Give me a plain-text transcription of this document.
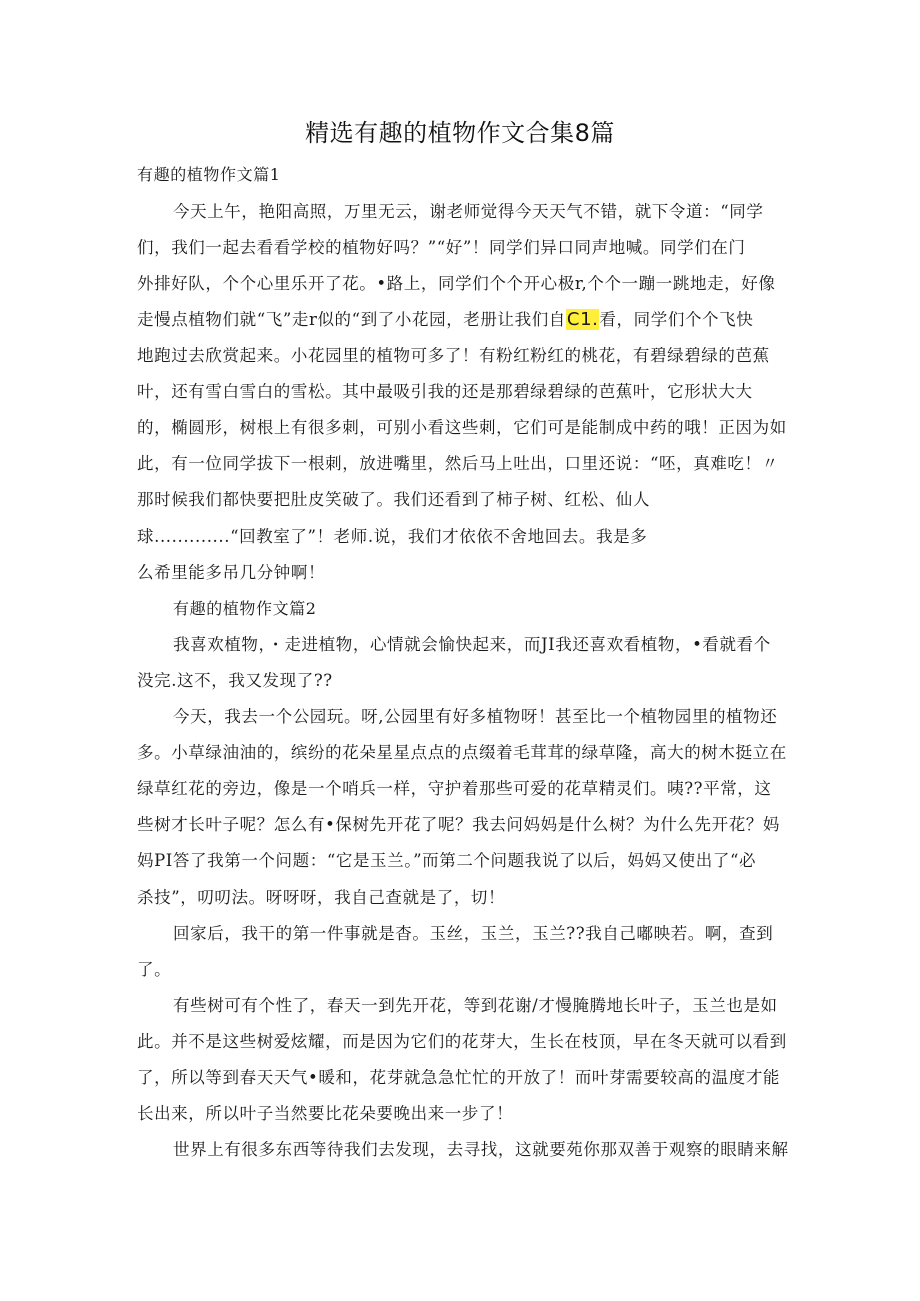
精选有趣的植物作文合集8篇
有趣的植物作文篇1
今天上午，艳阳高照，万里无云，谢老师觉得今天天气不错，就下令道：“同学
们，我们一起去看看学校的植物好吗？”“好”！同学们异口同声地喊。同学们在门
外排好队，个个心里乐开了花。•路上，同学们个个开心极r,个个一蹦一跳地走，好像
走慢点植物们就“飞”走r似的“到了小花园，老册让我们自C1.看，同学们个个飞快
地跑过去欣赏起来。小花园里的植物可多了！有粉红粉红的桃花，有碧绿碧绿的芭蕉
叶，还有雪白雪白的雪松。其中最吸引我的还是那碧绿碧绿的芭蕉叶，它形状大大
的，椭圆形，树根上有很多刺，可别小看这些刺，它们可是能制成中药的哦！正因为如
此，有一位同学拔下一根刺，放进嘴里，然后马上吐出，口里还说：“呸，真难吃！〃
那时候我们都快要把肚皮笑破了。我们还看到了柿子树、红松、仙人
球.............“回教室了”！老师.说，我们才依依不舍地回去。我是多
么希里能多吊几分钟啊！
有趣的植物作文篇2
我喜欢植物，・走进植物，心情就会愉快起来，而JI我还喜欢看植物，•看就看个
没完.这不，我又发现了??
今天，我去一个公园玩。呀,公园里有好多植物呀！甚至比一个植物园里的植物还
多。小草绿油油的，缤纷的花朵星星点点的点缀着毛茸茸的绿草隆，高大的树木挺立在
绿草红花的旁边，像是一个哨兵一样，守护着那些可爱的花草精灵们。咦??平常，这
些树才长叶子呢？怎么有•保树先开花了呢？我去问妈妈是什么树？为什么先开花？妈
妈PI答了我第一个问题：“它是玉兰。”而第二个问题我说了以后，妈妈又使出了“必
杀技”，叨叨法。呀呀呀，我自己查就是了，切！
回家后，我干的第一件事就是杳。玉丝，玉兰，玉兰??我自己嘟映若。啊，查到
了。
有些树可有个性了，春天一到先开花，等到花谢/才慢腌腾地长叶子，玉兰也是如
此。并不是这些树爱炫耀，而是因为它们的花芽大，生长在枝顶，早在冬天就可以看到
了，所以等到春天天气•暖和，花芽就急急忙忙的开放了！而叶芽需要较高的温度才能
长出来，所以叶子当然要比花朵要晚出来一步了！
世界上有很多东西等待我们去发现，去寻找，这就要苑你那双善于观察的眼睛来解
